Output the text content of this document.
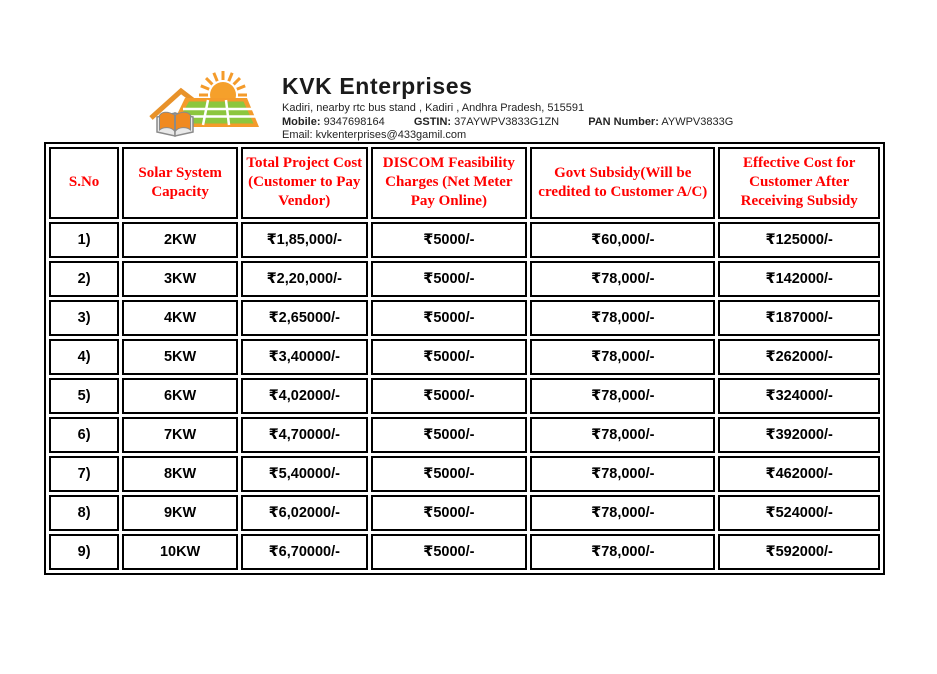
KVK Enterprises
Kadiri, nearby rtc bus stand , Kadiri , Andhra Pradesh, 515591
Mobile: 9347698164	GSTIN: 37AYWPV3833G1ZN	PAN Number: AYWPV3833G
Email: kvkenterprises@433gamil.com
S.No	Solar System Capacity	Total Project Cost (Customer to Pay Vendor)	DISCOM Feasibility Charges (Net Meter Pay Online)	Govt Subsidy(Will be credited to Customer A/C)	Effective Cost for Customer After Receiving Subsidy
1)	2KW	₹1,85,000/-	₹5000/-	₹60,000/-	₹125000/-
2)	3KW	₹2,20,000/-	₹5000/-	₹78,000/-	₹142000/-
3)	4KW	₹2,65000/-	₹5000/-	₹78,000/-	₹187000/-
4)	5KW	₹3,40000/-	₹5000/-	₹78,000/-	₹262000/-
5)	6KW	₹4,02000/-	₹5000/-	₹78,000/-	₹324000/-
6)	7KW	₹4,70000/-	₹5000/-	₹78,000/-	₹392000/-
7)	8KW	₹5,40000/-	₹5000/-	₹78,000/-	₹462000/-
8)	9KW	₹6,02000/-	₹5000/-	₹78,000/-	₹524000/-
9)	10KW	₹6,70000/-	₹5000/-	₹78,000/-	₹592000/-
